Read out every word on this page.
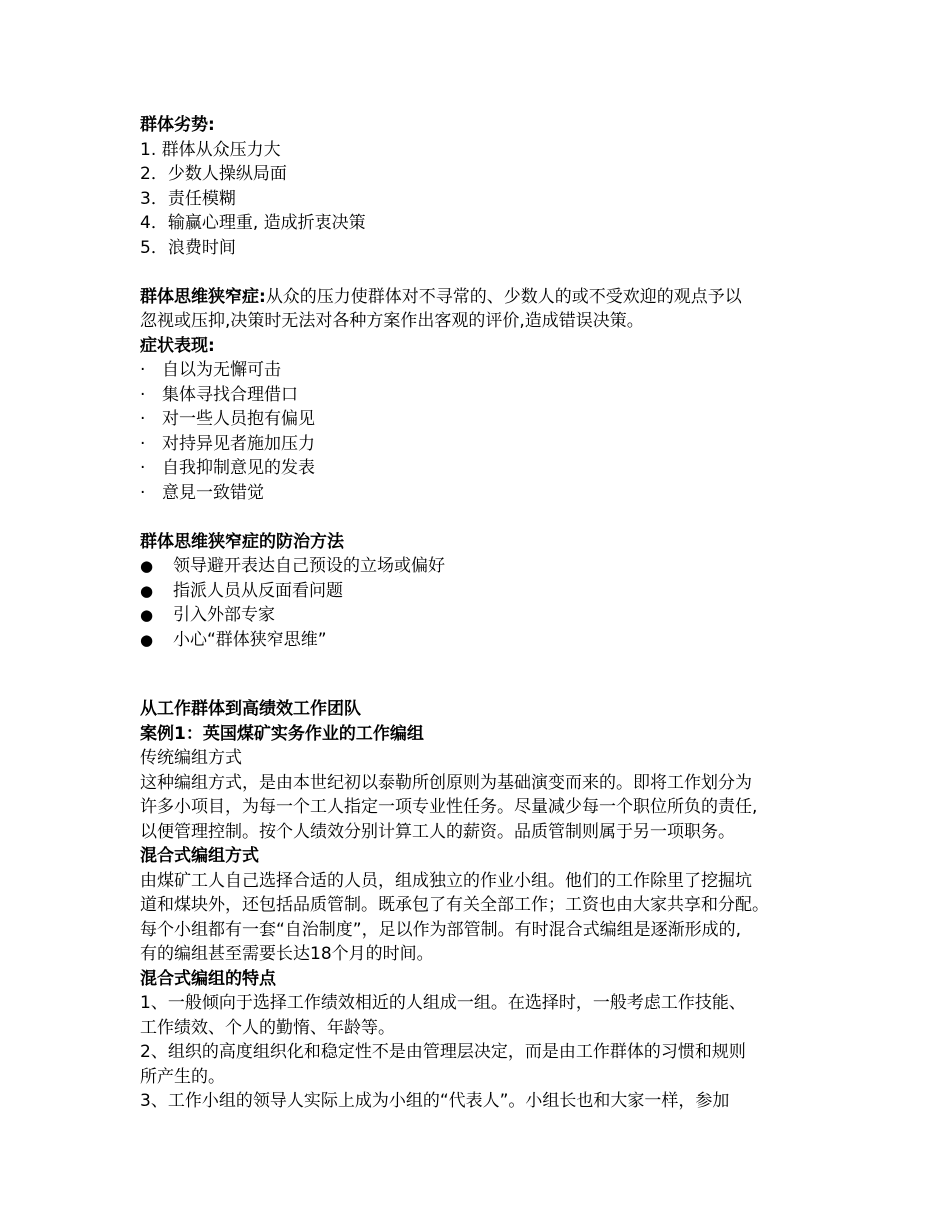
群体劣势:
1. 群体从众压力大
2．少数人操纵局面
3．责任模糊
4．输赢心理重, 造成折衷决策
5．浪费时间
群体思维狭窄症:从众的压力使群体对不寻常的、少数人的或不受欢迎的观点予以
忽视或压抑,决策时无法对各种方案作出客观的评价,造成错误决策。
症状表现:
· 自以为无懈可击
· 集体寻找合理借口
· 对一些人员抱有偏见
· 对持异见者施加压力
· 自我抑制意见的发表
· 意見一致错觉
群体思维狭窄症的防治方法
●	领导避开表达自己预设的立场或偏好
●	指派人员从反面看问题
●	引入外部专家
●	小心“群体狭窄思维”
从工作群体到高绩效工作团队
案例1：英国煤矿实务作业的工作编组
传统编组方式
这种编组方式，是由本世纪初以泰勒所创原则为基础演变而来的。即将工作划分为
许多小项目，为每一个工人指定一项专业性任务。尽量减少每一个职位所负的责任,
以便管理控制。按个人绩效分别计算工人的薪资。品质管制则属于另一项职务。
混合式编组方式
由煤矿工人自己选择合适的人员，组成独立的作业小组。他们的工作除里了挖掘坑
道和煤块外，还包括品质管制。既承包了有关全部工作；工资也由大家共享和分配。
每个小组都有一套“自治制度”，足以作为部管制。有时混合式编组是逐渐形成的,
有的编组甚至需要长达18个月的时间。
混合式编组的特点
1、一般倾向于选择工作绩效相近的人组成一组。在选择时，一般考虑工作技能、
工作绩效、个人的勤惰、年龄等。
2、组织的高度组织化和稳定性不是由管理层决定，而是由工作群体的习惯和规则
所产生的。
3、工作小组的领导人实际上成为小组的“代表人”。小组长也和大家一样，参加
